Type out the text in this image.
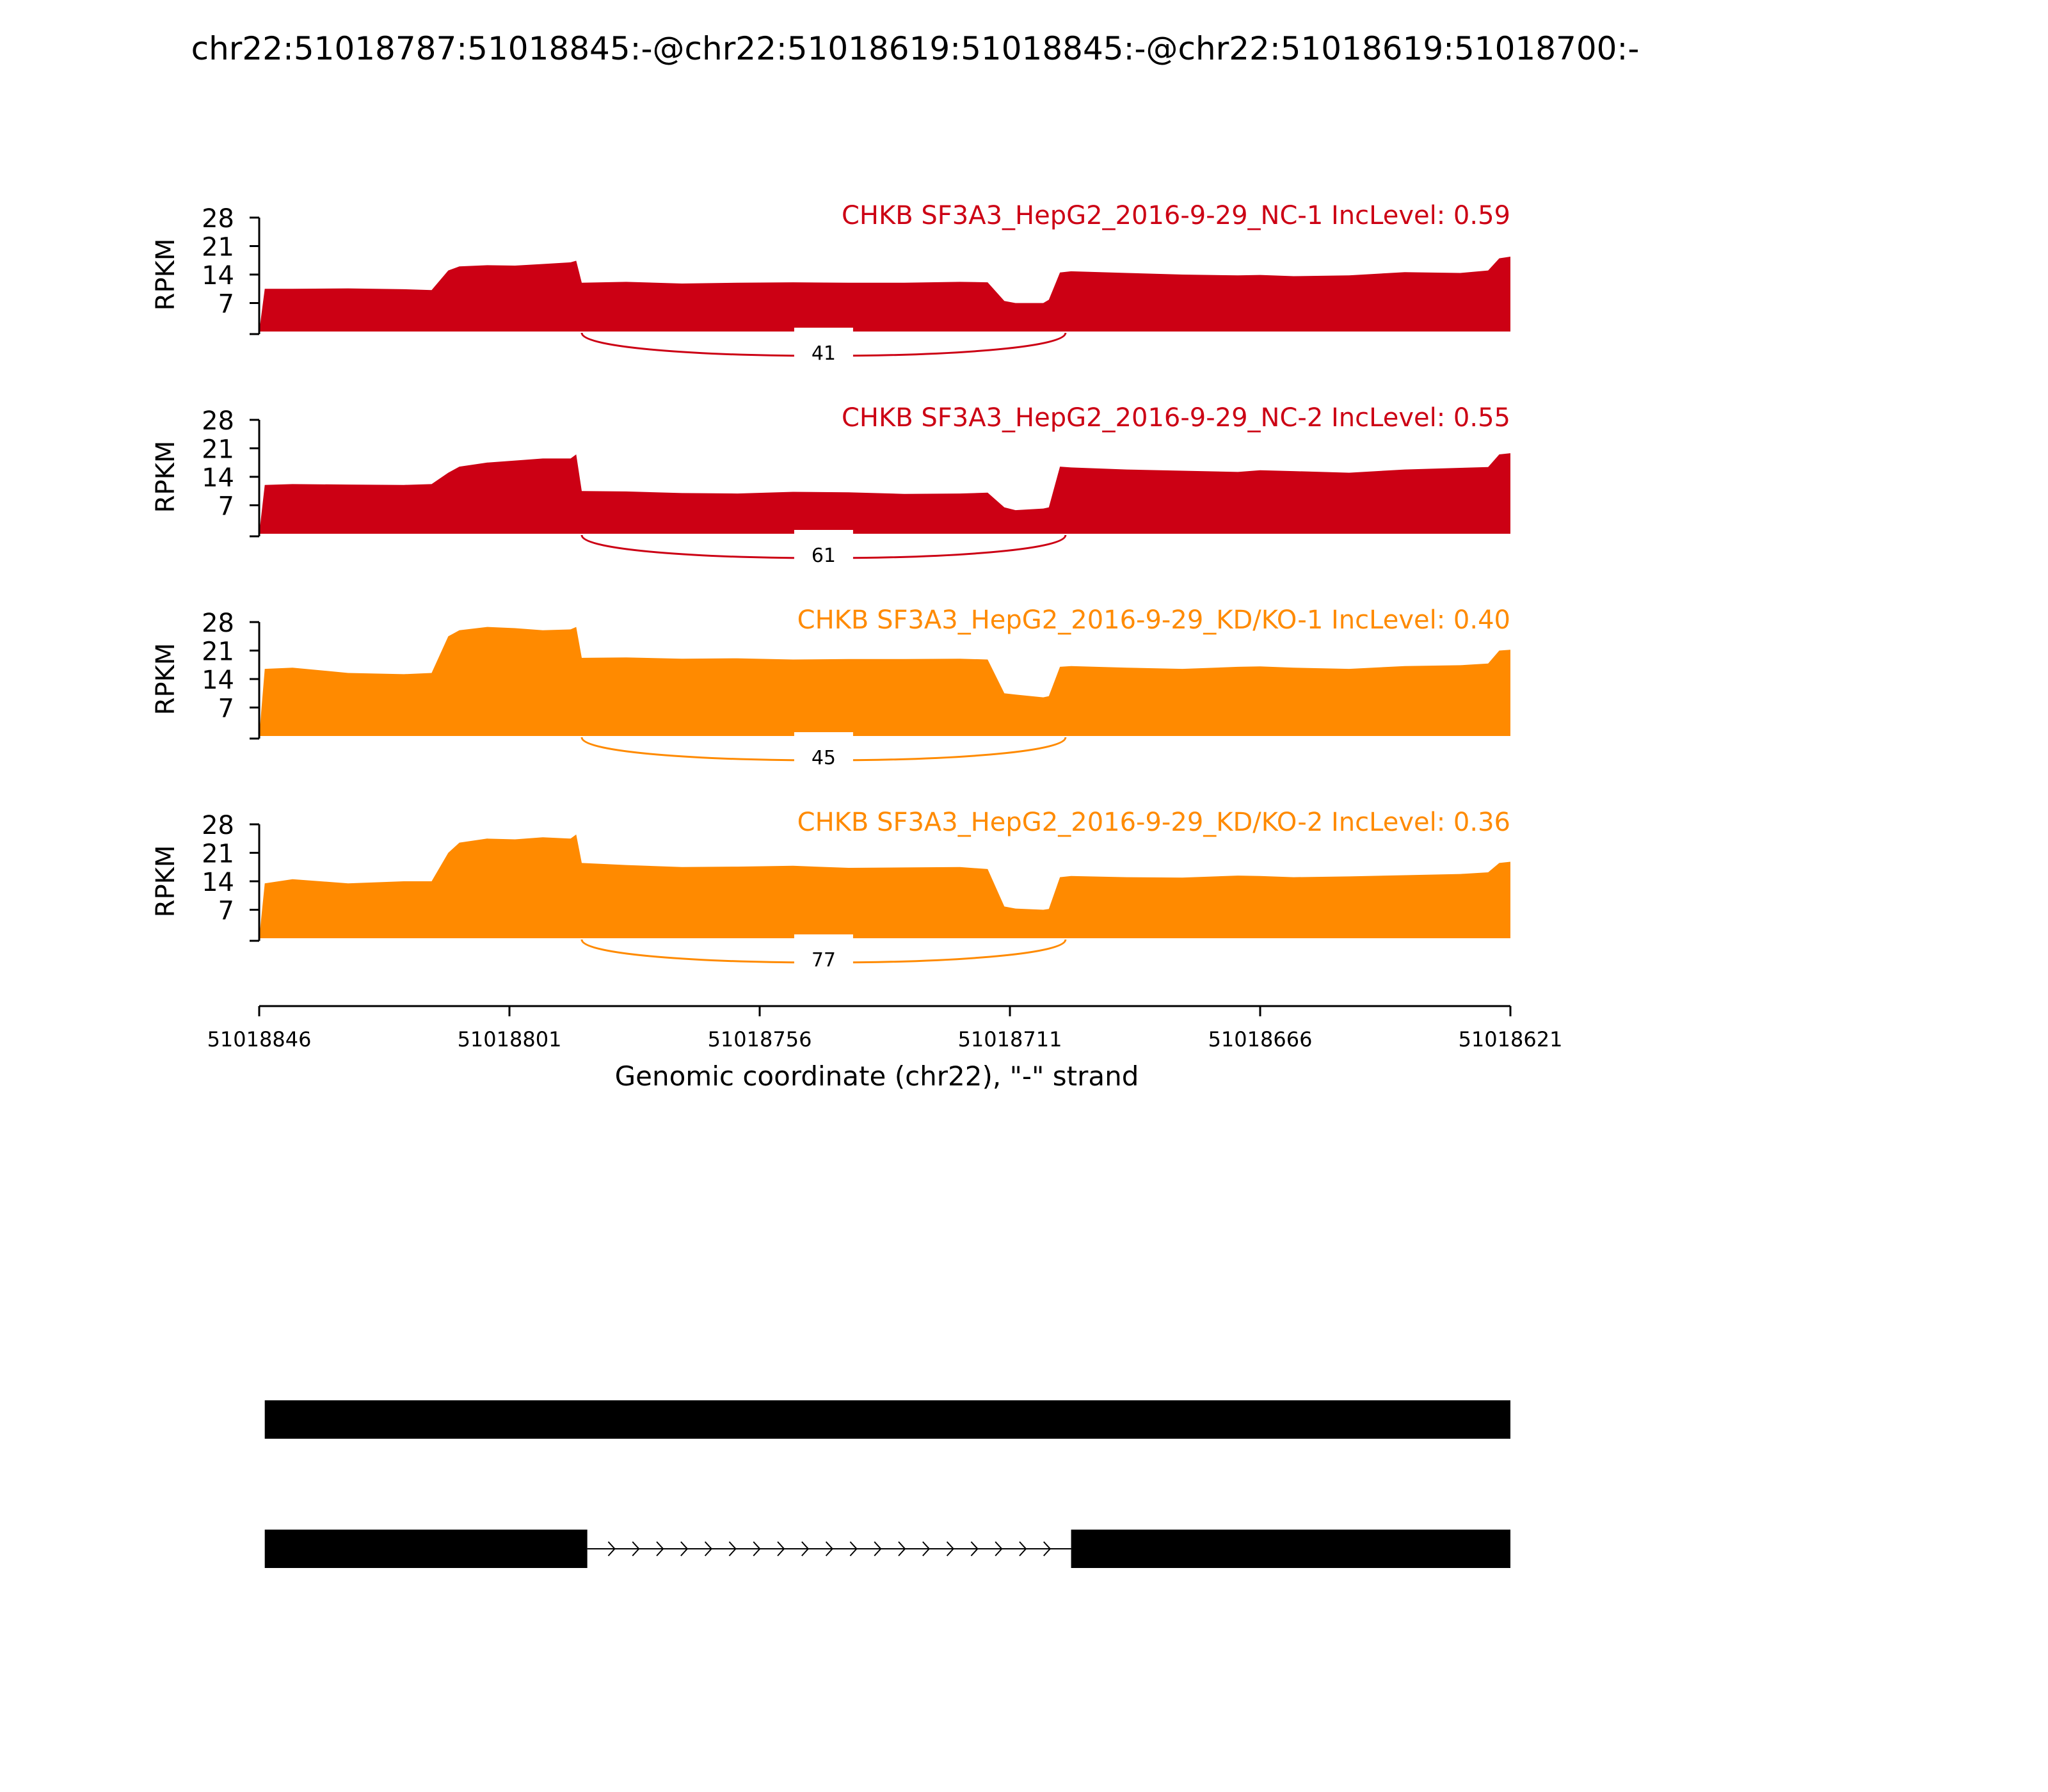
chr22:51018787:51018845:-@chr22:51018619:51018845:-@chr22:51018619:51018700:-
7
14
21
28
RPKM
CHKB SF3A3_HepG2_2016-9-29_NC-1 IncLevel: 0.59
41
7
14
21
28
RPKM
CHKB SF3A3_HepG2_2016-9-29_NC-2 IncLevel: 0.55
61
7
14
21
28
RPKM
CHKB SF3A3_HepG2_2016-9-29_KD/KO-1 IncLevel: 0.40
45
7
14
21
28
RPKM
CHKB SF3A3_HepG2_2016-9-29_KD/KO-2 IncLevel: 0.36
77
51018846	51018801	51018756	51018711	51018666	51018621
Genomic coordinate (chr22), "-" strand
